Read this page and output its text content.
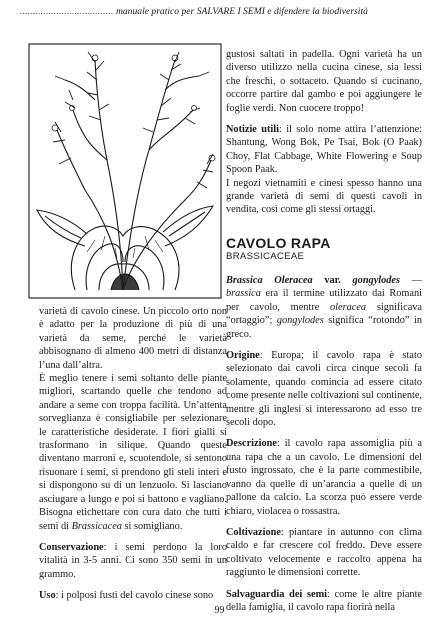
.................................... manuale pratico per SALVARE I SEMI e difendere la biodiversità

varietà di cavolo cinese. Un piccolo orto non è adatto per la produzione di più di una varietà da seme, perché le varietà abbisognano di almeno 400 metri di distanza l’una dall’altra.

È meglio tenere i semi soltanto delle piante migliori, scartando quelle che tendono ad andare a seme con troppa facilità. Un’attenta sorveglianza è consigliabile per selezionare le caratteristiche desiderate. I fiori gialli si trasformano in silique. Quando queste diventano marroni e, scuotendole, si sentono risuonare i semi, si prendono gli steli interi e si dispongono su di un lenzuolo. Si lasciano asciugare a lungo e poi si battono e vagliano. Bisogna etichettare con cura dato che tutti i semi di Brassicacea si somigliano.

Conservazione: i semi perdono la loro vitalità in 3-5 anni. Ci sono 350 semi in un grammo.

Uso: i polposi fusti del cavolo cinese sono

gustosi saltati in padella. Ogni varietà ha un diverso utilizzo nella cucina cinese, sia lessi che freschi, o sottaceto. Quando si cucinano, occorre partire dal gambo e poi aggiungere le foglie verdi. Non cuocere troppo!

Notizie utili: il solo nome attira l’attenzione: Shantung, Wong Bok, Pe Tsai, Bok (O Paak) Choy, Flat Cabbage, White Flowering e Soup Spoon Paak.

I negozi vietnamiti e cinesi spesso hanno una grande varietà di semi di questi cavoli in vendita, così come gli stessi ortaggi.

CAVOLO RAPA
BRASSICACEAE

Brassica Oleracea var. gongylodes — brassica era il termine utilizzato dai Romani per cavolo, mentre oleracea significava “ortaggio”; gongylodes significa “rotondo” in greco.

Origine: Europa; il cavolo rapa è stato selezionato dai cavoli circa cinque secoli fa solamente, quando comincia ad essere citato come presente nelle coltivazioni sul continente, mentre gli inglesi si interessarono ad esso tre secoli dopo.

Descrizione: il cavolo rapa assomiglia più a una rapa che a un cavolo. Le dimensioni del fusto ingrossato, che è la parte commestibile, vanno da quelle di un’arancia a quelle di un pallone da calcio. La scorza può essere verde chiaro, violacea o rossastra.

Coltivazione: piantare in autunno con clima caldo e far crescere col freddo. Deve essere coltivato velocemente e raccolto appena ha raggiunto le dimensioni corrette.

Salvaguardia dei semi: come le altre piante della famiglia, il cavolo rapa fiorirà nella

99
